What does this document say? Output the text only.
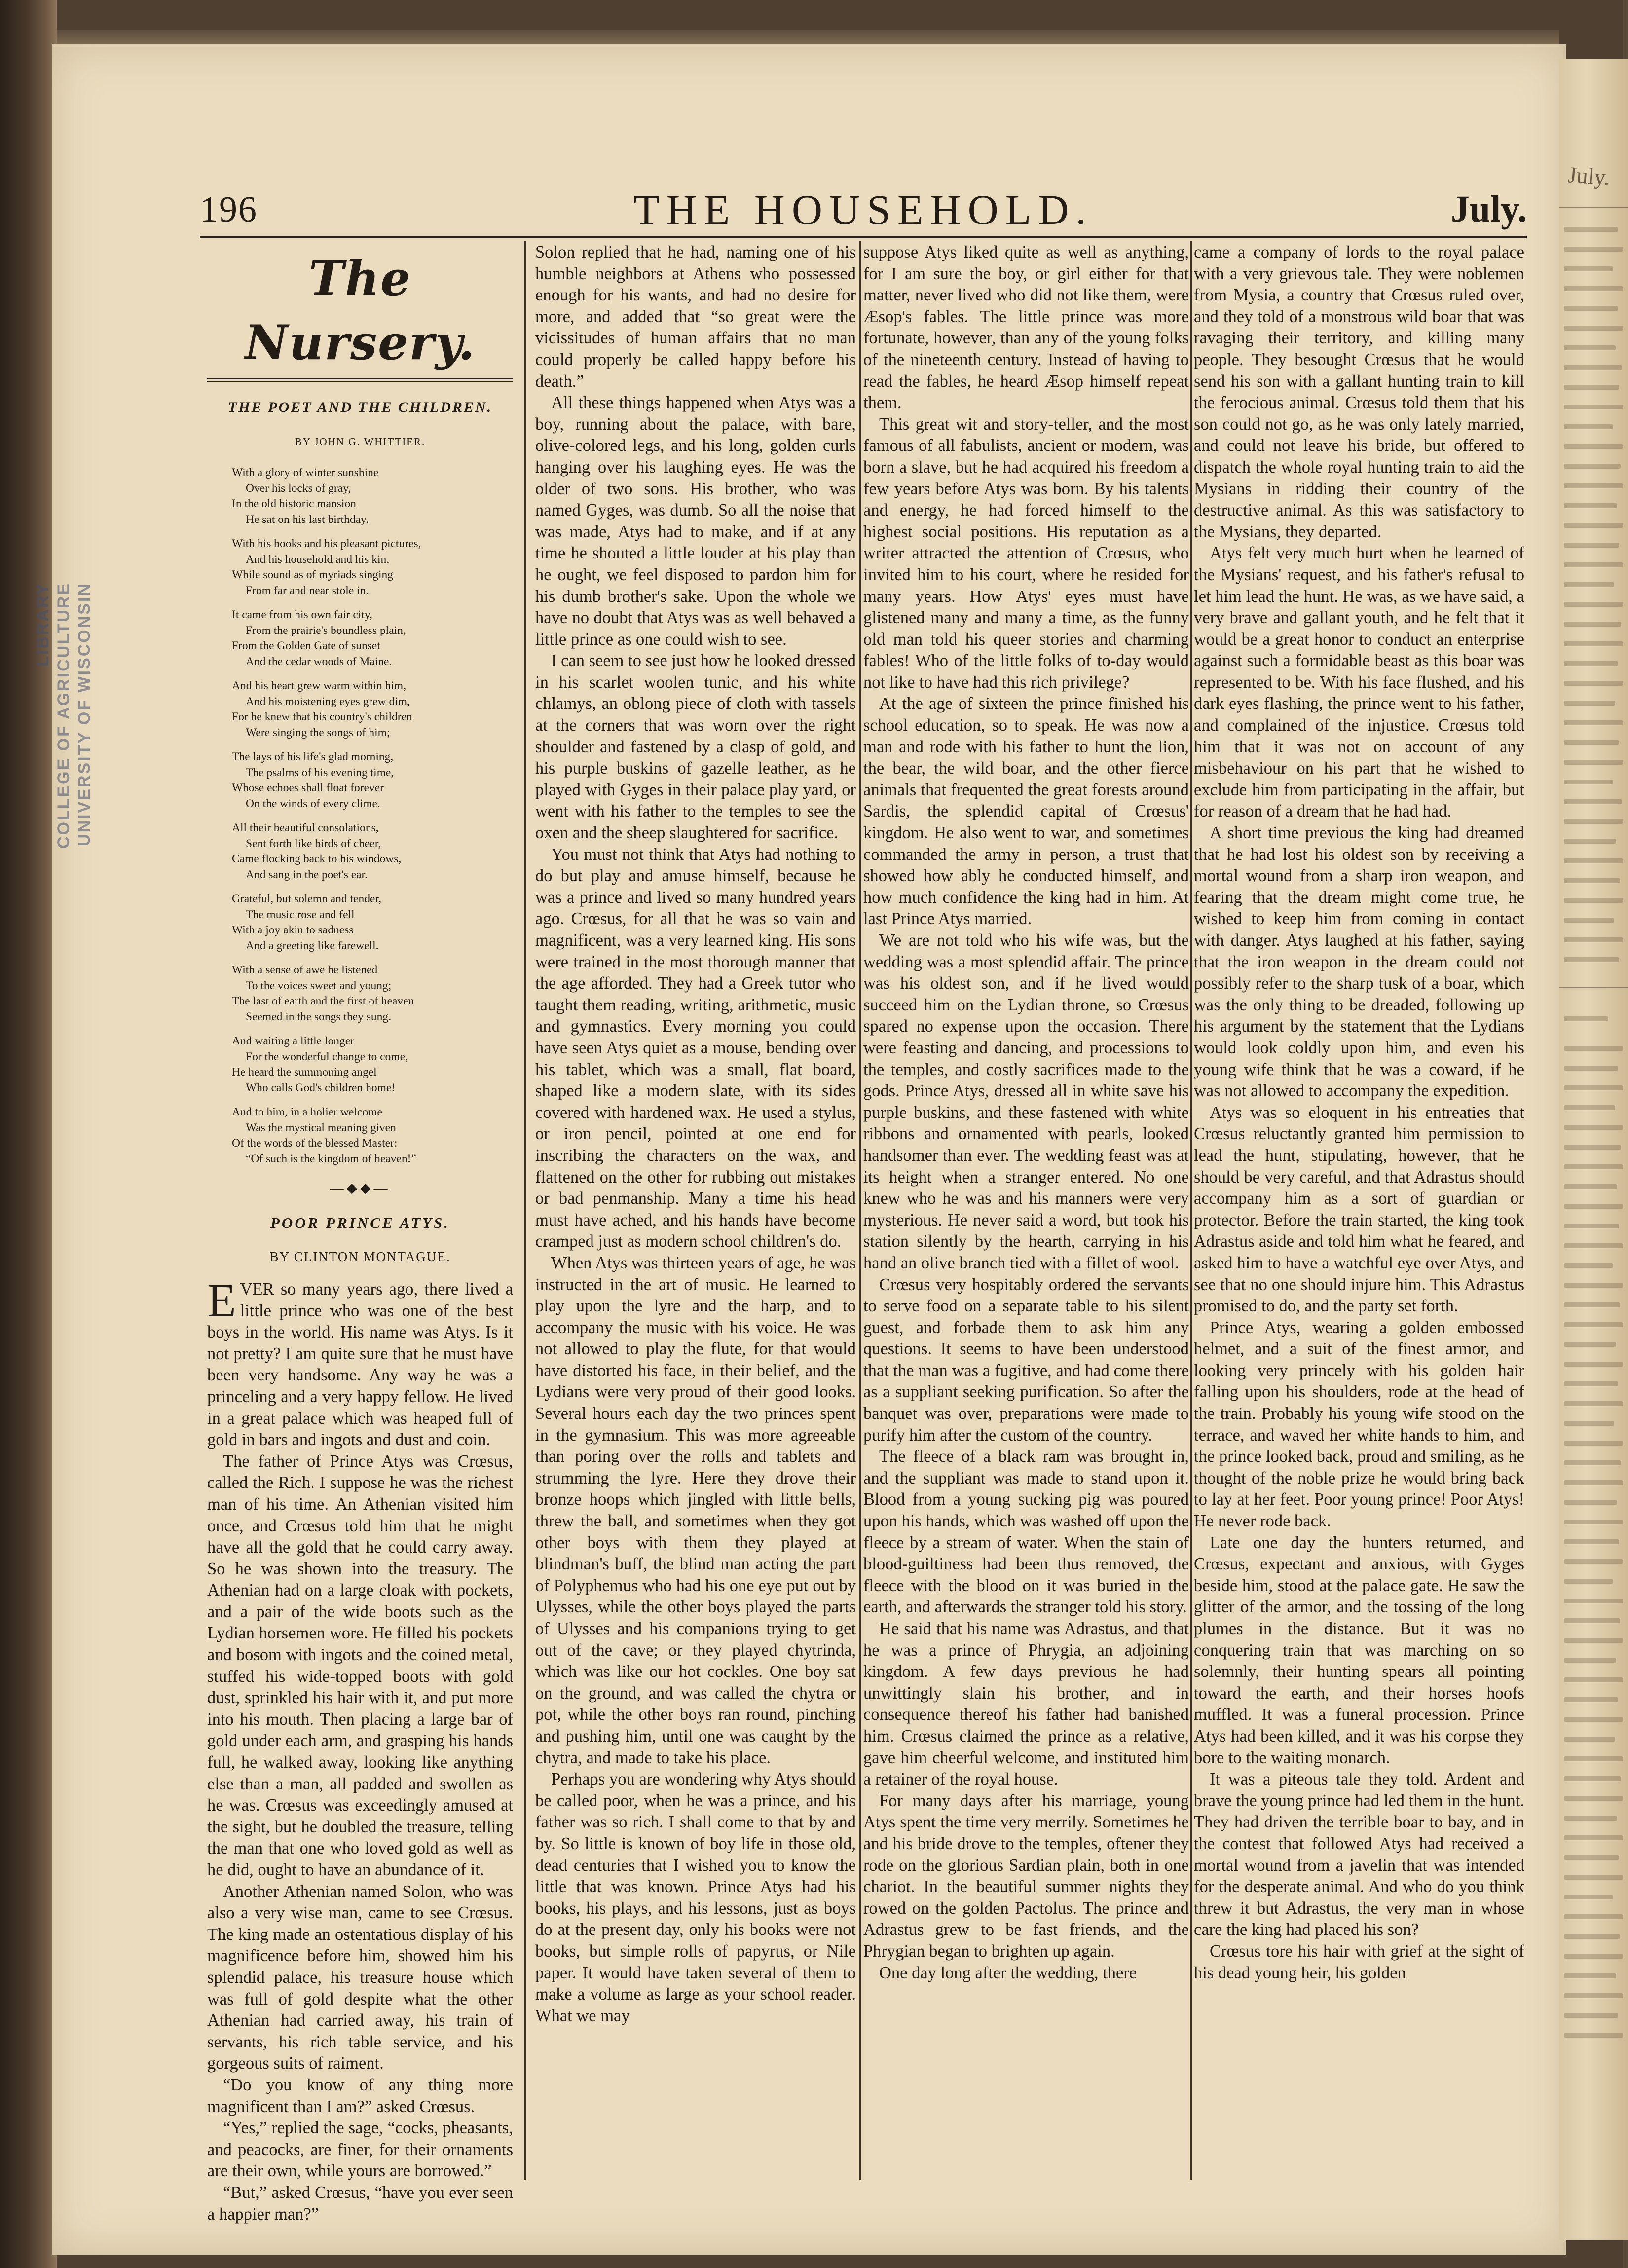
LIBRARY COLLEGE OF AGRICULTURE UNIVERSITY OF WISCONSIN
July.
196	THE HOUSEHOLD.	July.
The Nursery.
THE POET AND THE CHILDREN.
BY JOHN G. WHITTIER.
With a glory of winter sunshine
Over his locks of gray,
In the old historic mansion
He sat on his last birthday.
With his books and his pleasant pictures,
And his household and his kin,
While sound as of myriads singing
From far and near stole in.
It came from his own fair city,
From the prairie's boundless plain,
From the Golden Gate of sunset
And the cedar woods of Maine.
And his heart grew warm within him,
And his moistening eyes grew dim,
For he knew that his country's children
Were singing the songs of him;
The lays of his life's glad morning,
The psalms of his evening time,
Whose echoes shall float forever
On the winds of every clime.
All their beautiful consolations,
Sent forth like birds of cheer,
Came flocking back to his windows,
And sang in the poet's ear.
Grateful, but solemn and tender,
The music rose and fell
With a joy akin to sadness
And a greeting like farewell.
With a sense of awe he listened
To the voices sweet and young;
The last of earth and the first of heaven
Seemed in the songs they sung.
And waiting a little longer
For the wonderful change to come,
He heard the summoning angel
Who calls God's children home!
And to him, in a holier welcome
Was the mystical meaning given
Of the words of the blessed Master:
“Of such is the kingdom of heaven!”
—◆◆—
POOR PRINCE ATYS.
BY CLINTON MONTAGUE.
E VER so many years ago, there lived a little prince who was one of the best boys in the world. His name was Atys. Is it not pretty? I am quite sure that he must have been very handsome. Any way he was a princeling and a very happy fellow. He lived in a great palace which was heaped full of gold in bars and ingots and dust and coin.

The father of Prince Atys was Crœsus, called the Rich. I suppose he was the richest man of his time. An Athenian visited him once, and Crœsus told him that he might have all the gold that he could carry away. So he was shown into the treasury. The Athenian had on a large cloak with pockets, and a pair of the wide boots such as the Lydian horsemen wore. He filled his pockets and bosom with ingots and the coined metal, stuffed his wide-topped boots with gold dust, sprinkled his hair with it, and put more into his mouth. Then placing a large bar of gold under each arm, and grasping his hands full, he walked away, looking like anything else than a man, all padded and swollen as he was. Crœsus was exceedingly amused at the sight, but he doubled the treasure, telling the man that one who loved gold as well as he did, ought to have an abundance of it.

Another Athenian named Solon, who was also a very wise man, came to see Crœsus. The king made an ostentatious display of his magnificence before him, showed him his splendid palace, his treasure house which was full of gold despite what the other Athenian had carried away, his train of servants, his rich table service, and his gorgeous suits of raiment.

“Do you know of any thing more magnificent than I am?” asked Crœsus.

“Yes,” replied the sage, “cocks, pheasants, and peacocks, are finer, for their ornaments are their own, while yours are borrowed.”

“But,” asked Crœsus, “have you ever seen a happier man?”

Solon replied that he had, naming one of his humble neighbors at Athens who possessed enough for his wants, and had no desire for more, and added that “so great were the vicissitudes of human affairs that no man could properly be called happy before his death.”

All these things happened when Atys was a boy, running about the palace, with bare, olive-colored legs, and his long, golden curls hanging over his laughing eyes. He was the older of two sons. His brother, who was named Gyges, was dumb. So all the noise that was made, Atys had to make, and if at any time he shouted a little louder at his play than he ought, we feel disposed to pardon him for his dumb brother's sake. Upon the whole we have no doubt that Atys was as well behaved a little prince as one could wish to see.

I can seem to see just how he looked dressed in his scarlet woolen tunic, and his white chlamys, an oblong piece of cloth with tassels at the corners that was worn over the right shoulder and fastened by a clasp of gold, and his purple buskins of gazelle leather, as he played with Gyges in their palace play yard, or went with his father to the temples to see the oxen and the sheep slaughtered for sacrifice.

You must not think that Atys had nothing to do but play and amuse himself, because he was a prince and lived so many hundred years ago. Crœsus, for all that he was so vain and magnificent, was a very learned king. His sons were trained in the most thorough manner that the age afforded. They had a Greek tutor who taught them reading, writing, arithmetic, music and gymnastics. Every morning you could have seen Atys quiet as a mouse, bending over his tablet, which was a small, flat board, shaped like a modern slate, with its sides covered with hardened wax. He used a stylus, or iron pencil, pointed at one end for inscribing the characters on the wax, and flattened on the other for rubbing out mistakes or bad penmanship. Many a time his head must have ached, and his hands have become cramped just as modern school children's do.

When Atys was thirteen years of age, he was instructed in the art of music. He learned to play upon the lyre and the harp, and to accompany the music with his voice. He was not allowed to play the flute, for that would have distorted his face, in their belief, and the Lydians were very proud of their good looks. Several hours each day the two princes spent in the gymnasium. This was more agreeable than poring over the rolls and tablets and strumming the lyre. Here they drove their bronze hoops which jingled with little bells, threw the ball, and sometimes when they got other boys with them they played at blindman's buff, the blind man acting the part of Polyphemus who had his one eye put out by Ulysses, while the other boys played the parts of Ulysses and his companions trying to get out of the cave; or they played chytrinda, which was like our hot cockles. One boy sat on the ground, and was called the chytra or pot, while the other boys ran round, pinching and pushing him, until one was caught by the chytra, and made to take his place.

Perhaps you are wondering why Atys should be called poor, when he was a prince, and his father was so rich. I shall come to that by and by. So little is known of boy life in those old, dead centuries that I wished you to know the little that was known. Prince Atys had his books, his plays, and his lessons, just as boys do at the present day, only his books were not books, but simple rolls of papyrus, or Nile paper. It would have taken several of them to make a volume as large as your school reader. What we may

suppose Atys liked quite as well as anything, for I am sure the boy, or girl either for that matter, never lived who did not like them, were Æsop's fables. The little prince was more fortunate, however, than any of the young folks of the nineteenth century. Instead of having to read the fables, he heard Æsop himself repeat them.

This great wit and story-teller, and the most famous of all fabulists, ancient or modern, was born a slave, but he had acquired his freedom a few years before Atys was born. By his talents and energy, he had forced himself to the highest social positions. His reputation as a writer attracted the attention of Crœsus, who invited him to his court, where he resided for many years. How Atys' eyes must have glistened many and many a time, as the funny old man told his queer stories and charming fables! Who of the little folks of to-day would not like to have had this rich privilege?

At the age of sixteen the prince finished his school education, so to speak. He was now a man and rode with his father to hunt the lion, the bear, the wild boar, and the other fierce animals that frequented the great forests around Sardis, the splendid capital of Crœsus' kingdom. He also went to war, and sometimes commanded the army in person, a trust that showed how ably he conducted himself, and how much confidence the king had in him. At last Prince Atys married.

We are not told who his wife was, but the wedding was a most splendid affair. The prince was his oldest son, and if he lived would succeed him on the Lydian throne, so Crœsus spared no expense upon the occasion. There were feasting and dancing, and processions to the temples, and costly sacrifices made to the gods. Prince Atys, dressed all in white save his purple buskins, and these fastened with white ribbons and ornamented with pearls, looked handsomer than ever. The wedding feast was at its height when a stranger entered. No one knew who he was and his manners were very mysterious. He never said a word, but took his station silently by the hearth, carrying in his hand an olive branch tied with a fillet of wool.

Crœsus very hospitably ordered the servants to serve food on a separate table to his silent guest, and forbade them to ask him any questions. It seems to have been understood that the man was a fugitive, and had come there as a suppliant seeking purification. So after the banquet was over, preparations were made to purify him after the custom of the country.

The fleece of a black ram was brought in, and the suppliant was made to stand upon it. Blood from a young sucking pig was poured upon his hands, which was washed off upon the fleece by a stream of water. When the stain of blood-guiltiness had been thus removed, the fleece with the blood on it was buried in the earth, and afterwards the stranger told his story.

He said that his name was Adrastus, and that he was a prince of Phrygia, an adjoining kingdom. A few days previous he had unwittingly slain his brother, and in consequence thereof his father had banished him. Crœsus claimed the prince as a relative, gave him cheerful welcome, and instituted him a retainer of the royal house.

For many days after his marriage, young Atys spent the time very merrily. Sometimes he and his bride drove to the temples, oftener they rode on the glorious Sardian plain, both in one chariot. In the beautiful summer nights they rowed on the golden Pactolus. The prince and Adrastus grew to be fast friends, and the Phrygian began to brighten up again.

One day long after the wedding, there

came a company of lords to the royal palace with a very grievous tale. They were noblemen from Mysia, a country that Crœsus ruled over, and they told of a monstrous wild boar that was ravaging their territory, and killing many people. They besought Crœsus that he would send his son with a gallant hunting train to kill the ferocious animal. Crœsus told them that his son could not go, as he was only lately married, and could not leave his bride, but offered to dispatch the whole royal hunting train to aid the Mysians in ridding their country of the destructive animal. As this was satisfactory to the Mysians, they departed.

Atys felt very much hurt when he learned of the Mysians' request, and his father's refusal to let him lead the hunt. He was, as we have said, a very brave and gallant youth, and he felt that it would be a great honor to conduct an enterprise against such a formidable beast as this boar was represented to be. With his face flushed, and his dark eyes flashing, the prince went to his father, and complained of the injustice. Crœsus told him that it was not on account of any misbehaviour on his part that he wished to exclude him from participating in the affair, but for reason of a dream that he had had.

A short time previous the king had dreamed that he had lost his oldest son by receiving a mortal wound from a sharp iron weapon, and fearing that the dream might come true, he wished to keep him from coming in contact with danger. Atys laughed at his father, saying that the iron weapon in the dream could not possibly refer to the sharp tusk of a boar, which was the only thing to be dreaded, following up his argument by the statement that the Lydians would look coldly upon him, and even his young wife think that he was a coward, if he was not allowed to accompany the expedition.

Atys was so eloquent in his entreaties that Crœsus reluctantly granted him permission to lead the hunt, stipulating, however, that he should be very careful, and that Adrastus should accompany him as a sort of guardian or protector. Before the train started, the king took Adrastus aside and told him what he feared, and asked him to have a watchful eye over Atys, and see that no one should injure him. This Adrastus promised to do, and the party set forth.

Prince Atys, wearing a golden embossed helmet, and a suit of the finest armor, and looking very princely with his golden hair falling upon his shoulders, rode at the head of the train. Probably his young wife stood on the terrace, and waved her white hands to him, and the prince looked back, proud and smiling, as he thought of the noble prize he would bring back to lay at her feet. Poor young prince! Poor Atys! He never rode back.

Late one day the hunters returned, and Crœsus, expectant and anxious, with Gyges beside him, stood at the palace gate. He saw the glitter of the armor, and the tossing of the long plumes in the distance. But it was no conquering train that was marching on so solemnly, their hunting spears all pointing toward the earth, and their horses hoofs muffled. It was a funeral procession. Prince Atys had been killed, and it was his corpse they bore to the waiting monarch.

It was a piteous tale they told. Ardent and brave the young prince had led them in the hunt. They had driven the terrible boar to bay, and in the contest that followed Atys had received a mortal wound from a javelin that was intended for the desperate animal. And who do you think threw it but Adrastus, the very man in whose care the king had placed his son?

Crœsus tore his hair with grief at the sight of his dead young heir, his golden
